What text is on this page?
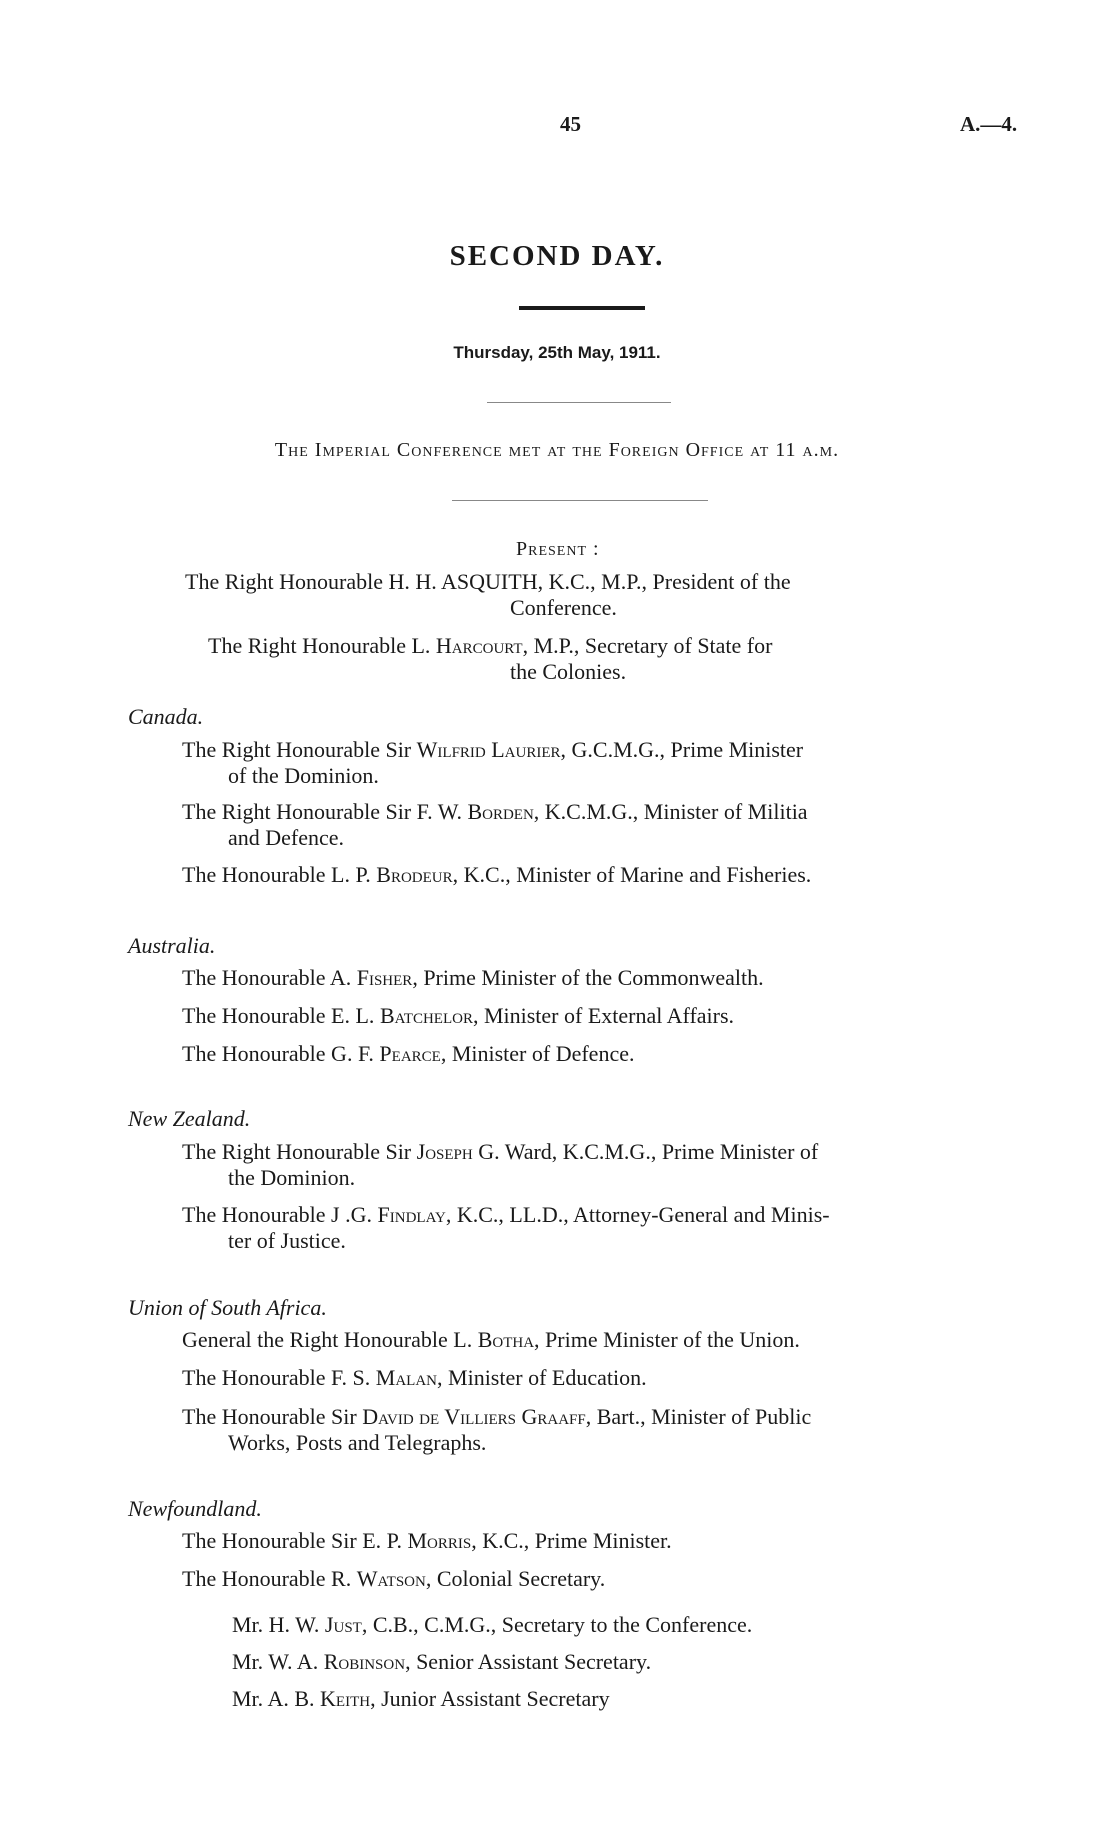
45	A.—4.
SECOND DAY.
Thursday, 25th May, 1911.
The Imperial Conference met at the Foreign Office at 11 a.m.
Present :
The Right Honourable H. H. ASQUITH, K.C., M.P., President of the
Conference.
The Right Honourable L. Harcourt, M.P., Secretary of State for
the Colonies.
Canada.
The Right Honourable Sir Wilfrid Laurier, G.C.M.G., Prime Minister
of the Dominion.
The Right Honourable Sir F. W. Borden, K.C.M.G., Minister of Militia
and Defence.
The Honourable L. P. Brodeur, K.C., Minister of Marine and Fisheries.
Australia.
The Honourable A. Fisher, Prime Minister of the Commonwealth.
The Honourable E. L. Batchelor, Minister of External Affairs.
The Honourable G. F. Pearce, Minister of Defence.
New Zealand.
The Right Honourable Sir Joseph G. Ward, K.C.M.G., Prime Minister of
the Dominion.
The Honourable J .G. Findlay, K.C., LL.D., Attorney-General and Minis-
ter of Justice.
Union of South Africa.
General the Right Honourable L. Botha, Prime Minister of the Union.
The Honourable F. S. Malan, Minister of Education.
The Honourable Sir David de Villiers Graaff, Bart., Minister of Public
Works, Posts and Telegraphs.
Newfoundland.
The Honourable Sir E. P. Morris, K.C., Prime Minister.
The Honourable R. Watson, Colonial Secretary.
Mr. H. W. Just, C.B., C.M.G., Secretary to the Conference.
Mr. W. A. Robinson, Senior Assistant Secretary.
Mr. A. B. Keith, Junior Assistant Secretary
